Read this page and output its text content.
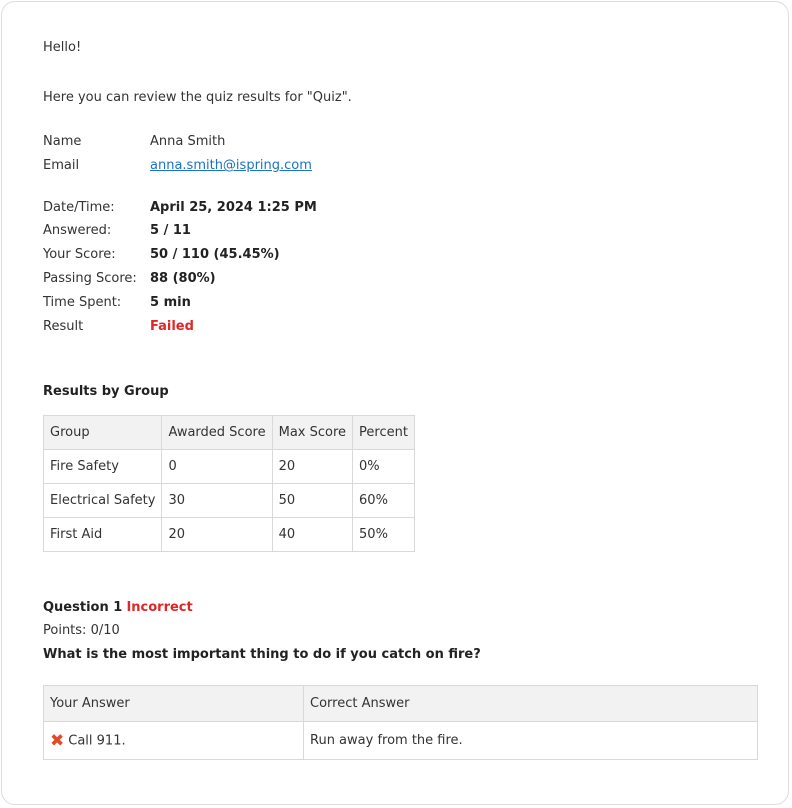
Hello!
Here you can review the quiz results for "Quiz".
Name	Anna Smith
Email	anna.smith@ispring.com
Date/Time:	April 25, 2024 1:25 PM
Answered:	5 / 11
Your Score:	50 / 110 (45.45%)
Passing Score: 88 (80%)
Time Spent: 5 min
Result	Failed
Results by Group
Group	Awarded Score	Max Score	Percent
Fire Safety	0	20	0%
Electrical Safety	30	50	60%
First Aid	20	40	50%
Question 1 Incorrect
Points: 0/10
What is the most important thing to do if you catch on fire?
Your Answer	Correct Answer
✖ Call 911.	Run away from the fire.
